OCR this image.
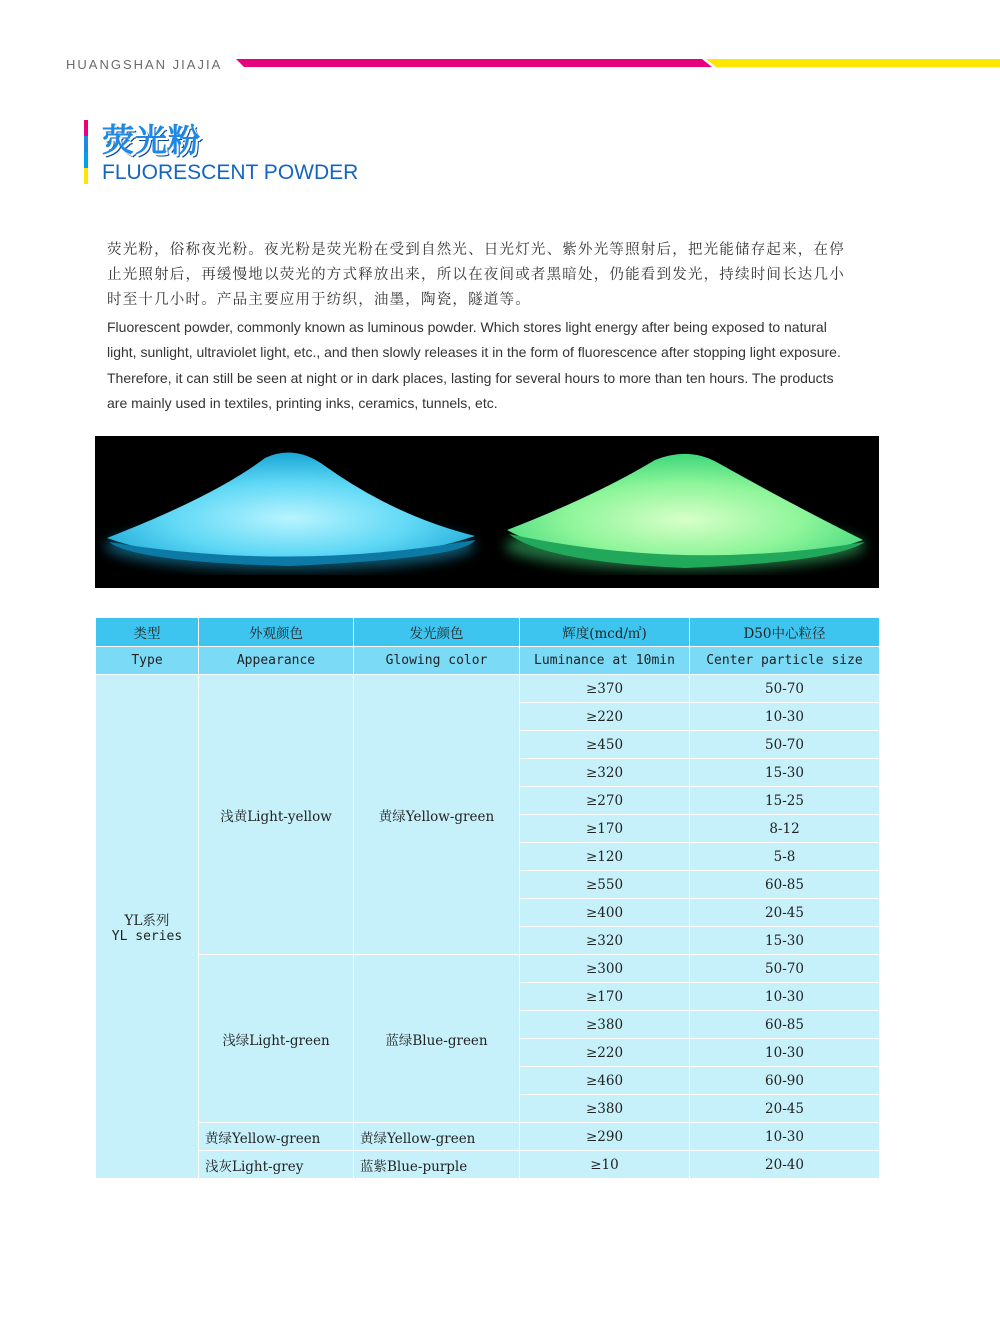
HUANGSHAN JIAJIA
荧光粉
FLUORESCENT POWDER

荧光粉，俗称夜光粉。夜光粉是荧光粉在受到自然光、日光灯光、紫外光等照射后，把光能储存起来，在停止光照射后，再缓慢地以荧光的方式释放出来，所以在夜间或者黑暗处，仍能看到发光，持续时间长达几小时至十几小时。产品主要应用于纺织，油墨，陶瓷，隧道等。

Fluorescent powder, commonly known as luminous powder. Which stores light energy after being exposed to natural light, sunlight, ultraviolet light, etc., and then slowly releases it in the form of fluorescence after stopping light exposure. Therefore, it can still be seen at night or in dark places, lasting for several hours to more than ten hours. The products are mainly used in textiles, printing inks, ceramics, tunnels, etc.

类型	外观颜色	发光颜色	辉度(mcd/㎡)	D50中心粒径
Type	Appearance	Glowing color	Luminance at 10min	Center particle size

YL系列
YL series	浅黄Light-yellow	黄绿Yellow-green	≥370	50-70
			≥220	10-30
			≥450	50-70
			≥320	15-30
			≥270	15-25
			≥170	8-12
			≥120	5-8
			≥550	60-85
			≥400	20-45
			≥320	15-30
	浅绿Light-green	蓝绿Blue-green	≥300	50-70
			≥170	10-30
			≥380	60-85
			≥220	10-30
			≥460	60-90
			≥380	20-45
	黄绿Yellow-green	黄绿Yellow-green	≥290	10-30
	浅灰Light-grey	蓝紫Blue-purple	≥10	20-40
